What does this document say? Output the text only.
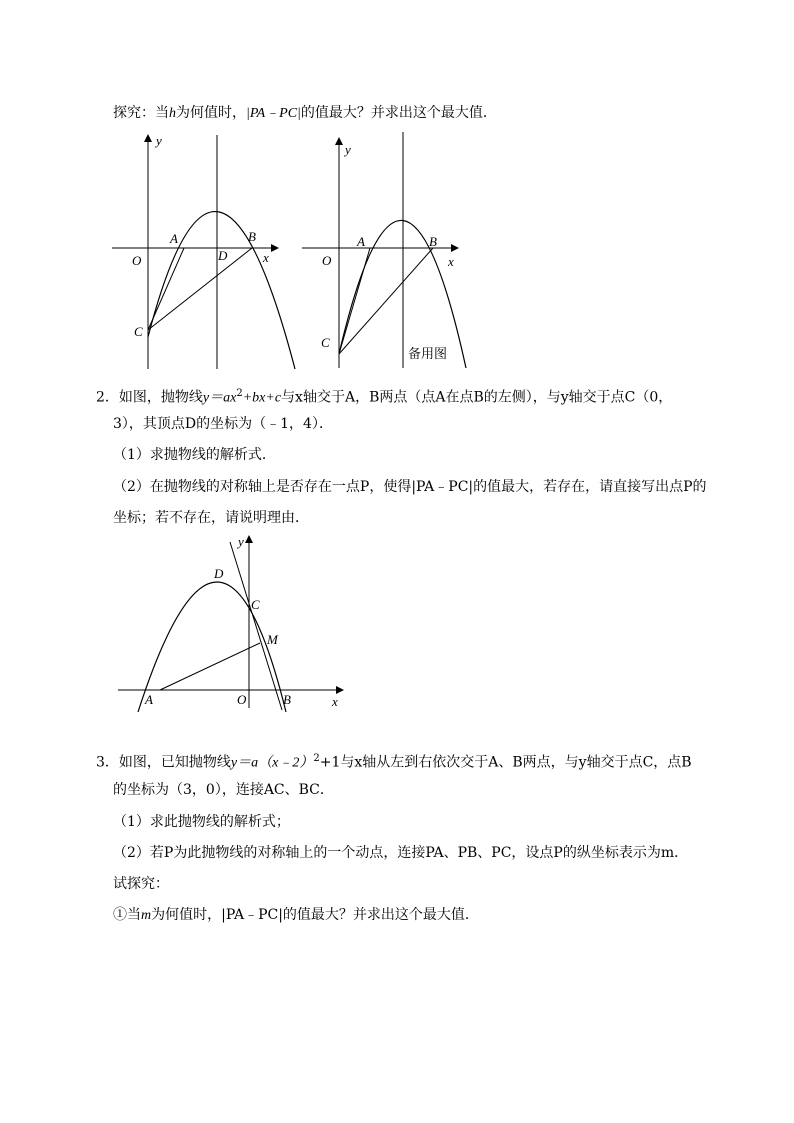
探究：当h为何值时，|PA﹣PC|的值最大？并求出这个最大值．
y
x
O
A	B
D
C
y
x
O
A	B
C
备用图
2．如图，抛物线$y=ax^2+bx+c$与x轴交于A，B两点（点A在点B的左侧），与y轴交于点C（0，
3），其顶点D的坐标为（﹣1，4）．
（1）求抛物线的解析式．
（2）在抛物线的对称轴上是否存在一点P，使得|PA﹣PC|的值最大，若存在，请直接写出点P的
坐标；若不存在，请说明理由．
y
x
O
A	B
C
D
M
3．如图，已知抛物线y＝a（x﹣2）$^2$+1与x轴从左到右依次交于A、B两点，与y轴交于点C，点B
的坐标为（3，0），连接AC、BC．
（1）求此抛物线的解析式；
（2）若P为此抛物线的对称轴上的一个动点，连接PA、PB、PC，设点P的纵坐标表示为m．
试探究：
①当m为何值时，|PA﹣PC|的值最大？并求出这个最大值．
